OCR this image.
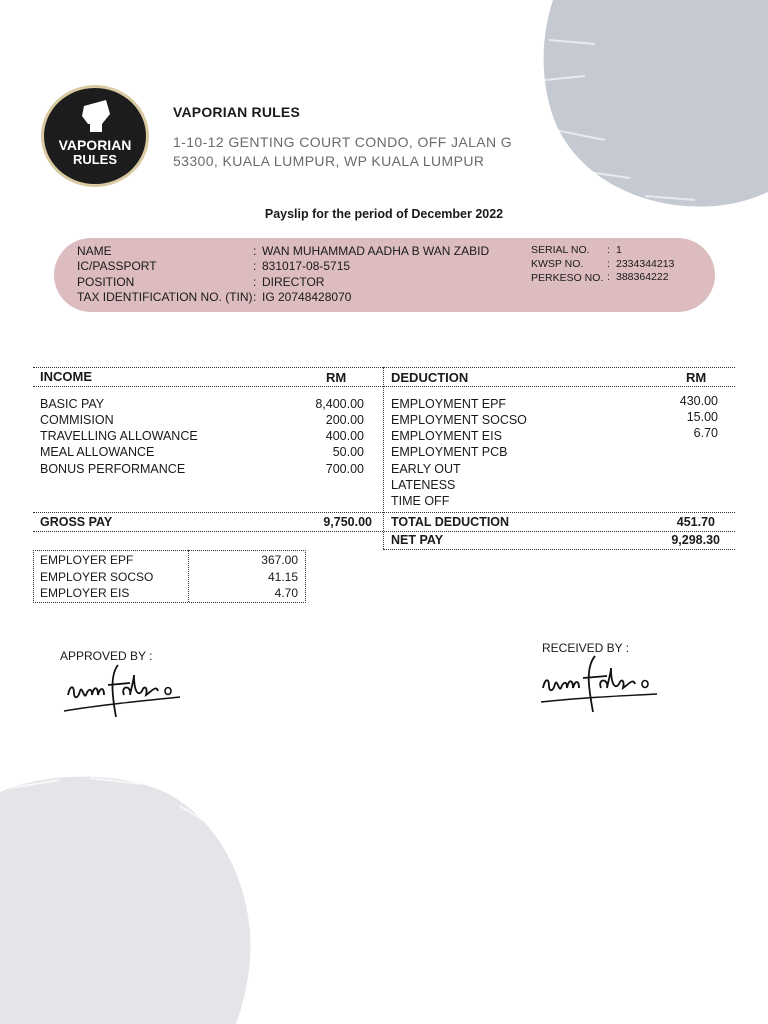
VAPORIAN
RULES
VAPORIAN RULES
1-10-12 GENTING COURT CONDO, OFF JALAN G
53300, KUALA LUMPUR, WP KUALA LUMPUR
Payslip for the period of December 2022
NAME	: WAN MUHAMMAD AADHA B WAN ZABID
IC/PASSPORT	: 831017-08-5715
POSITION	: DIRECTOR
TAX IDENTIFICATION NO. (TIN) : IG 20748428070
SERIAL NO. : 1
KWSP NO. : 2334344213
PERKESO NO. : 388364222
INCOME	RM
BASIC PAY	8,400.00
COMMISION	200.00
TRAVELLING ALLOWANCE	400.00
MEAL ALLOWANCE	50.00
BONUS PERFORMANCE	700.00
GROSS PAY	9,750.00
DEDUCTION	RM
EMPLOYMENT EPF	430.00
EMPLOYMENT SOCSO	15.00
EMPLOYMENT EIS	6.70
EMPLOYMENT PCB
EARLY OUT
LATENESS
TIME OFF
TOTAL DEDUCTION	451.70
NET PAY	9,298.30
EMPLOYER EPF	367.00
EMPLOYER SOCSO	41.15
EMPLOYER EIS	4.70
APPROVED BY :
RECEIVED BY :
